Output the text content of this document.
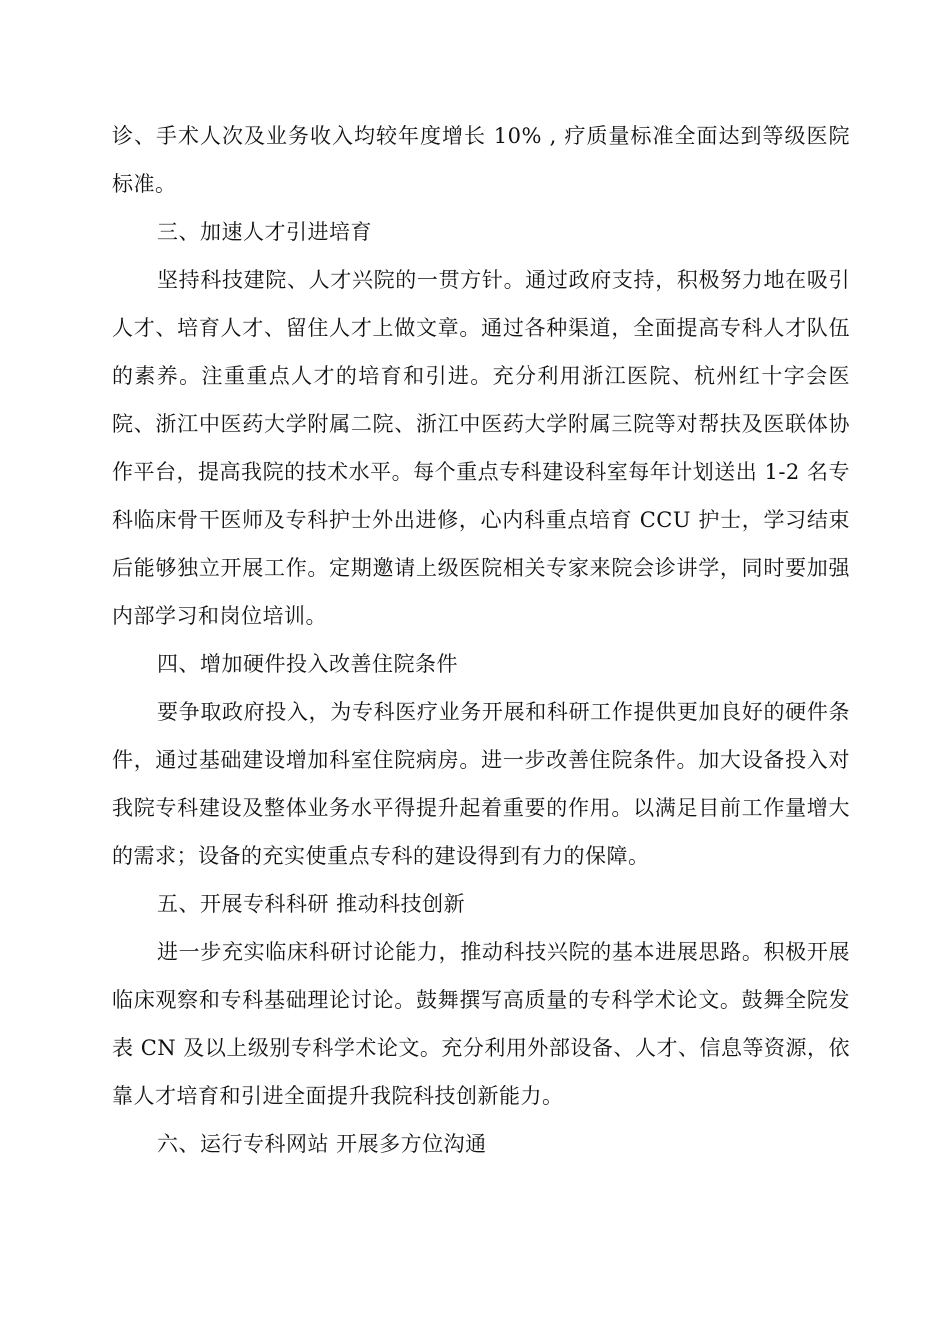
诊、手术人次及业务收入均较年度增长 10% , 疗质量标准全面达到等级医院标准。

三、加速人才引进培育

坚持科技建院、人才兴院的一贯方针。通过政府支持，积极努力地在吸引人才、培育人才、留住人才上做文章。通过各种渠道，全面提高专科人才队伍的素养。注重重点人才的培育和引进。充分利用浙江医院、杭州红十字会医院、浙江中医药大学附属二院、浙江中医药大学附属三院等对帮扶及医联体协作平台，提高我院的技术水平。每个重点专科建设科室每年计划送出 1-2 名专科临床骨干医师及专科护士外出进修，心内科重点培育 CCU 护士，学习结束后能够独立开展工作。定期邀请上级医院相关专家来院会诊讲学，同时要加强内部学习和岗位培训。

四、增加硬件投入改善住院条件

要争取政府投入，为专科医疗业务开展和科研工作提供更加良好的硬件条件，通过基础建设增加科室住院病房。进一步改善住院条件。加大设备投入对我院专科建设及整体业务水平得提升起着重要的作用。以满足目前工作量增大的需求；设备的充实使重点专科的建设得到有力的保障。

五、开展专科科研 推动科技创新

进一步充实临床科研讨论能力，推动科技兴院的基本进展思路。积极开展临床观察和专科基础理论讨论。鼓舞撰写高质量的专科学术论文。鼓舞全院发表 CN 及以上级别专科学术论文。充分利用外部设备、人才、信息等资源，依靠人才培育和引进全面提升我院科技创新能力。

六、运行专科网站 开展多方位沟通
